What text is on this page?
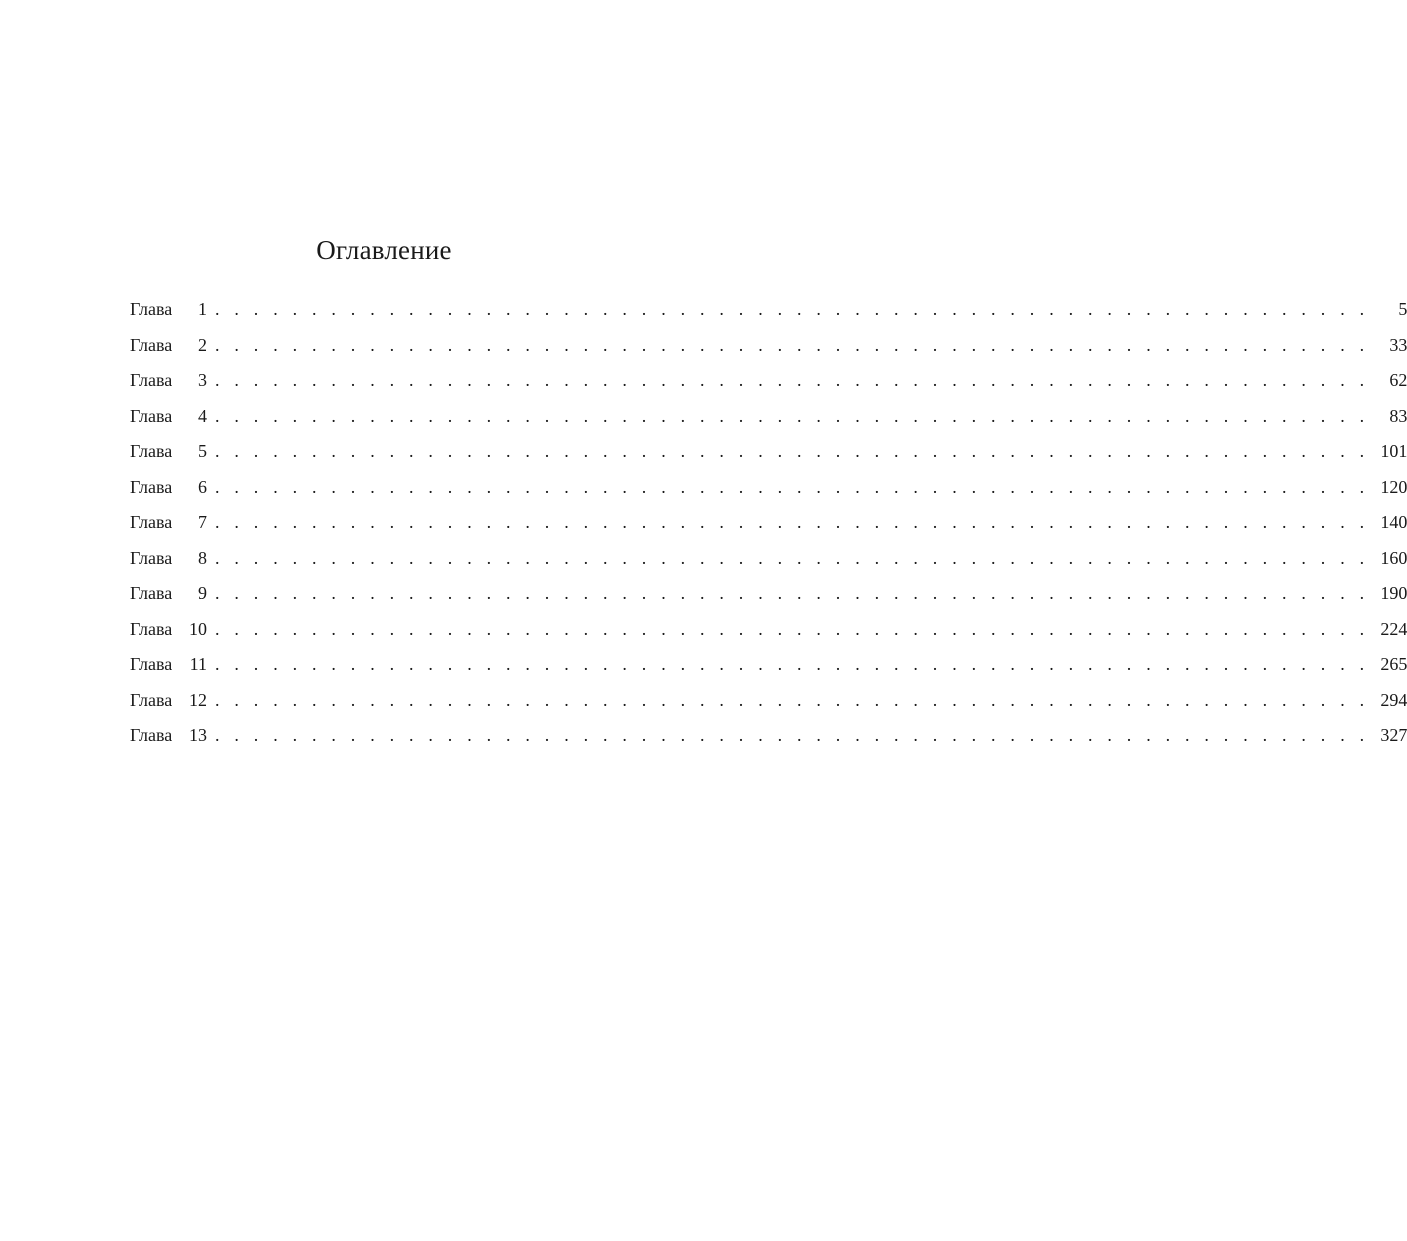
Оглавление
Глава	1 . . . . . . . . . . . . . . . . . . . . . . . . . . . . . . . . . . . . . . . . . . . . . . . . . . . . . . . . . . . .	5
Глава	2 . . . . . . . . . . . . . . . . . . . . . . . . . . . . . . . . . . . . . . . . . . . . . . . . . . . . . . . . . . . .	33
Глава	3 . . . . . . . . . . . . . . . . . . . . . . . . . . . . . . . . . . . . . . . . . . . . . . . . . . . . . . . . . . . .	62
Глава	4 . . . . . . . . . . . . . . . . . . . . . . . . . . . . . . . . . . . . . . . . . . . . . . . . . . . . . . . . . . . .	83
Глава	5 . . . . . . . . . . . . . . . . . . . . . . . . . . . . . . . . . . . . . . . . . . . . . . . . . . . . . . . . . . . . 101
Глава	6 . . . . . . . . . . . . . . . . . . . . . . . . . . . . . . . . . . . . . . . . . . . . . . . . . . . . . . . . . . . . 120
Глава	7 . . . . . . . . . . . . . . . . . . . . . . . . . . . . . . . . . . . . . . . . . . . . . . . . . . . . . . . . . . . . 140
Глава	8 . . . . . . . . . . . . . . . . . . . . . . . . . . . . . . . . . . . . . . . . . . . . . . . . . . . . . . . . . . . . 160
Глава	9 . . . . . . . . . . . . . . . . . . . . . . . . . . . . . . . . . . . . . . . . . . . . . . . . . . . . . . . . . . . . 190
Глава 10 . . . . . . . . . . . . . . . . . . . . . . . . . . . . . . . . . . . . . . . . . . . . . . . . . . . . . . . . . . . . 224
Глава 11 . . . . . . . . . . . . . . . . . . . . . . . . . . . . . . . . . . . . . . . . . . . . . . . . . . . . . . . . . . . . 265
Глава 12 . . . . . . . . . . . . . . . . . . . . . . . . . . . . . . . . . . . . . . . . . . . . . . . . . . . . . . . . . . . . 294
Глава 13 . . . . . . . . . . . . . . . . . . . . . . . . . . . . . . . . . . . . . . . . . . . . . . . . . . . . . . . . . . . . 327
